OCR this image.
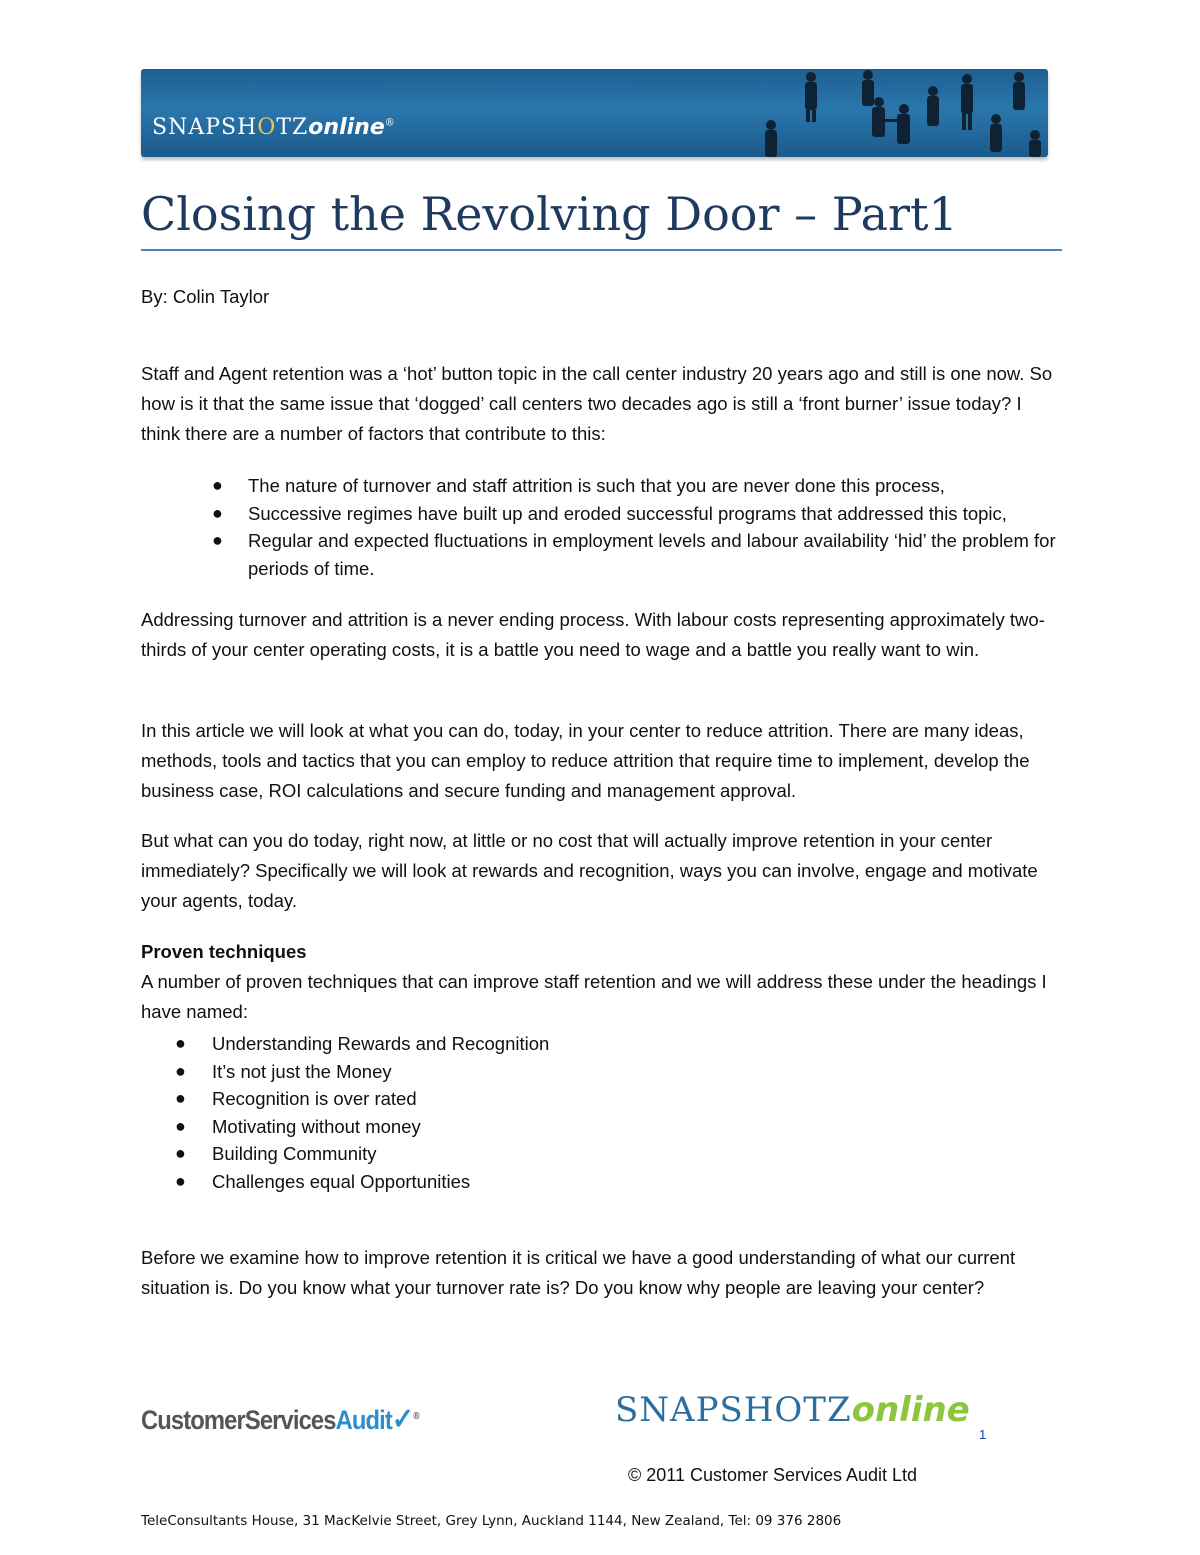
SNAPSHOTZonline®
Closing the Revolving Door – Part1

By: Colin Taylor

Staff and Agent retention was a ‘hot’ button topic in the call center industry 20 years ago and still is one now. So how is it that the same issue that ‘dogged’ call centers two decades ago is still a ‘front burner’ issue today? I think there are a number of factors that contribute to this:

● The nature of turnover and staff attrition is such that you are never done this process,
● Successive regimes have built up and eroded successful programs that addressed this topic,
● Regular and expected fluctuations in employment levels and labour availability ‘hid’ the problem for periods of time.

Addressing turnover and attrition is a never ending process. With labour costs representing approximately two-thirds of your center operating costs, it is a battle you need to wage and a battle you really want to win.

In this article we will look at what you can do, today, in your center to reduce attrition. There are many ideas, methods, tools and tactics that you can employ to reduce attrition that require time to implement, develop the business case, ROI calculations and secure funding and management approval.

But what can you do today, right now, at little or no cost that will actually improve retention in your center immediately? Specifically we will look at rewards and recognition, ways you can involve, engage and motivate your agents, today.

Proven techniques

A number of proven techniques that can improve staff retention and we will address these under the headings I have named:

● Understanding Rewards and Recognition
● It’s not just the Money
● Recognition is over rated
● Motivating without money
● Building Community
● Challenges equal Opportunities

Before we examine how to improve retention it is critical we have a good understanding of what our current situation is. Do you know what your turnover rate is? Do you know why people are leaving your center?

CustomerServicesAudit✓®	SNAPSHOTZonline
1
© 2011 Customer Services Audit Ltd
TeleConsultants House, 31 MacKelvie Street, Grey Lynn, Auckland 1144, New Zealand, Tel: 09 376 2806
